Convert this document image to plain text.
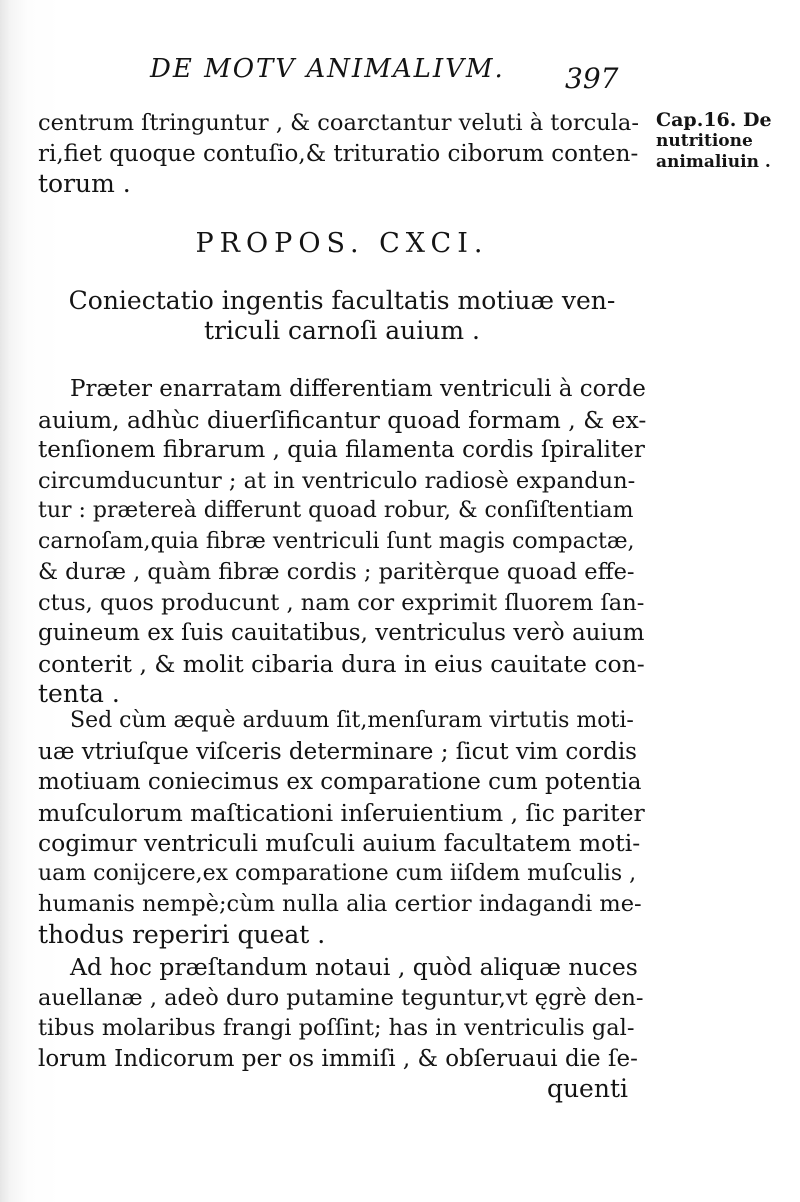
DE MOTV ANIMALIVM.	397
Cap.16. De
nutritione
animaliuin .
centrum ſtringuntur , & coarctantur veluti à torcula-
ri,fiet quoque contuſio,& trituratio ciborum conten-
torum .
PROPOS. CXCI.
Coniectatio ingentis facultatis motiuæ ven-
triculi carnoſi auium .
Præter enarratam differentiam ventriculi à corde
auium, adhùc diuerſificantur quoad formam , & ex-
tenſionem fibrarum , quia filamenta cordis ſpiraliter
circumducuntur ; at in ventriculo radiosè expandun-
tur : prætereà differunt quoad robur, & conſiſtentiam
carnoſam,quia fibræ ventriculi ſunt magis compactæ,
& duræ , quàm fibræ cordis ; paritèrque quoad effe-
ctus, quos producunt , nam cor exprimit ſluorem ſan-
guineum ex ſuis cauitatibus, ventriculus verò auium
conterit , & molit cibaria dura in eius cauitate con-
tenta .
Sed cùm æquè arduum ſit,menſuram virtutis moti-
uæ vtriuſque viſceris determinare ; ſicut vim cordis
motiuam coniecimus ex comparatione cum potentia
muſculorum maſticationi inſeruientium , ſic pariter
cogimur ventriculi muſculi auium facultatem moti-
uam conijcere,ex comparatione cum iiſdem muſculis ,
humanis nempè;cùm nulla alia certior indagandi me-
thodus reperiri queat .
Ad hoc præſtandum notaui , quòd aliquæ nuces
auellanæ , adeò duro putamine teguntur,vt ęgrè den-
tibus molaribus frangi poſſint; has in ventriculis gal-
lorum Indicorum per os immiſi , & obſeruaui die ſe-
quenti
